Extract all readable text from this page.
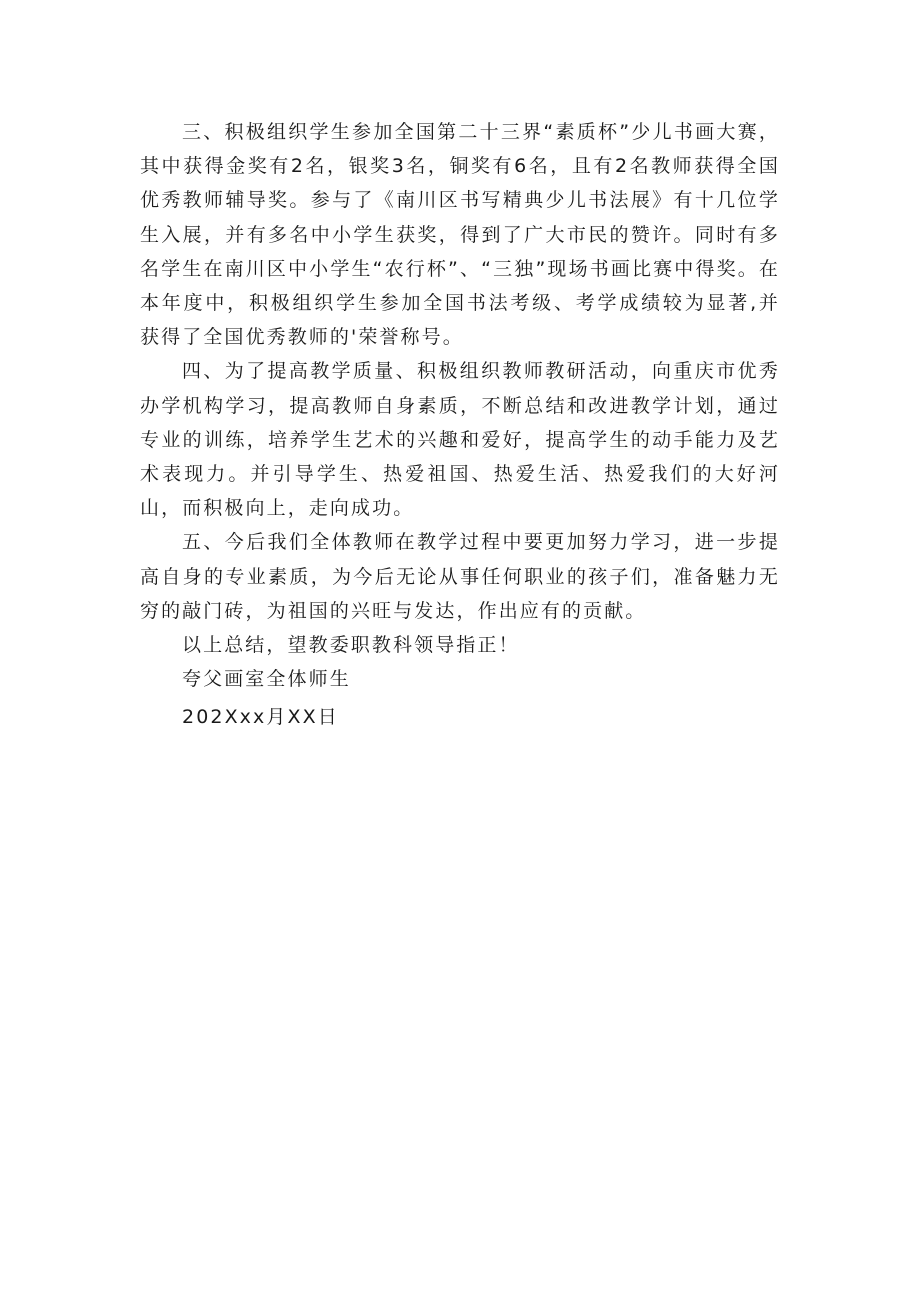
三、积极组织学生参加全国第二十三界“素质杯”少儿书画大赛，其中获得金奖有2名，银奖3名，铜奖有6名，且有2名教师获得全国优秀教师辅导奖。参与了《南川区书写精典少儿书法展》有十几位学生入展，并有多名中小学生获奖，得到了广大市民的赞许。同时有多名学生在南川区中小学生“农行杯”、“三独”现场书画比赛中得奖。在本年度中，积极组织学生参加全国书法考级、考学成绩较为显著,并获得了全国优秀教师的'荣誉称号。

四、为了提高教学质量、积极组织教师教研活动，向重庆市优秀办学机构学习，提高教师自身素质，不断总结和改进教学计划，通过专业的训练，培养学生艺术的兴趣和爱好，提高学生的动手能力及艺术表现力。并引导学生、热爱祖国、热爱生活、热爱我们的大好河山，而积极向上，走向成功。

五、今后我们全体教师在教学过程中要更加努力学习，进一步提高自身的专业素质，为今后无论从事任何职业的孩子们，准备魅力无穷的敲门砖，为祖国的兴旺与发达，作出应有的贡献。

以上总结，望教委职教科领导指正！

夸父画室全体师生

202Xxx月XX日
